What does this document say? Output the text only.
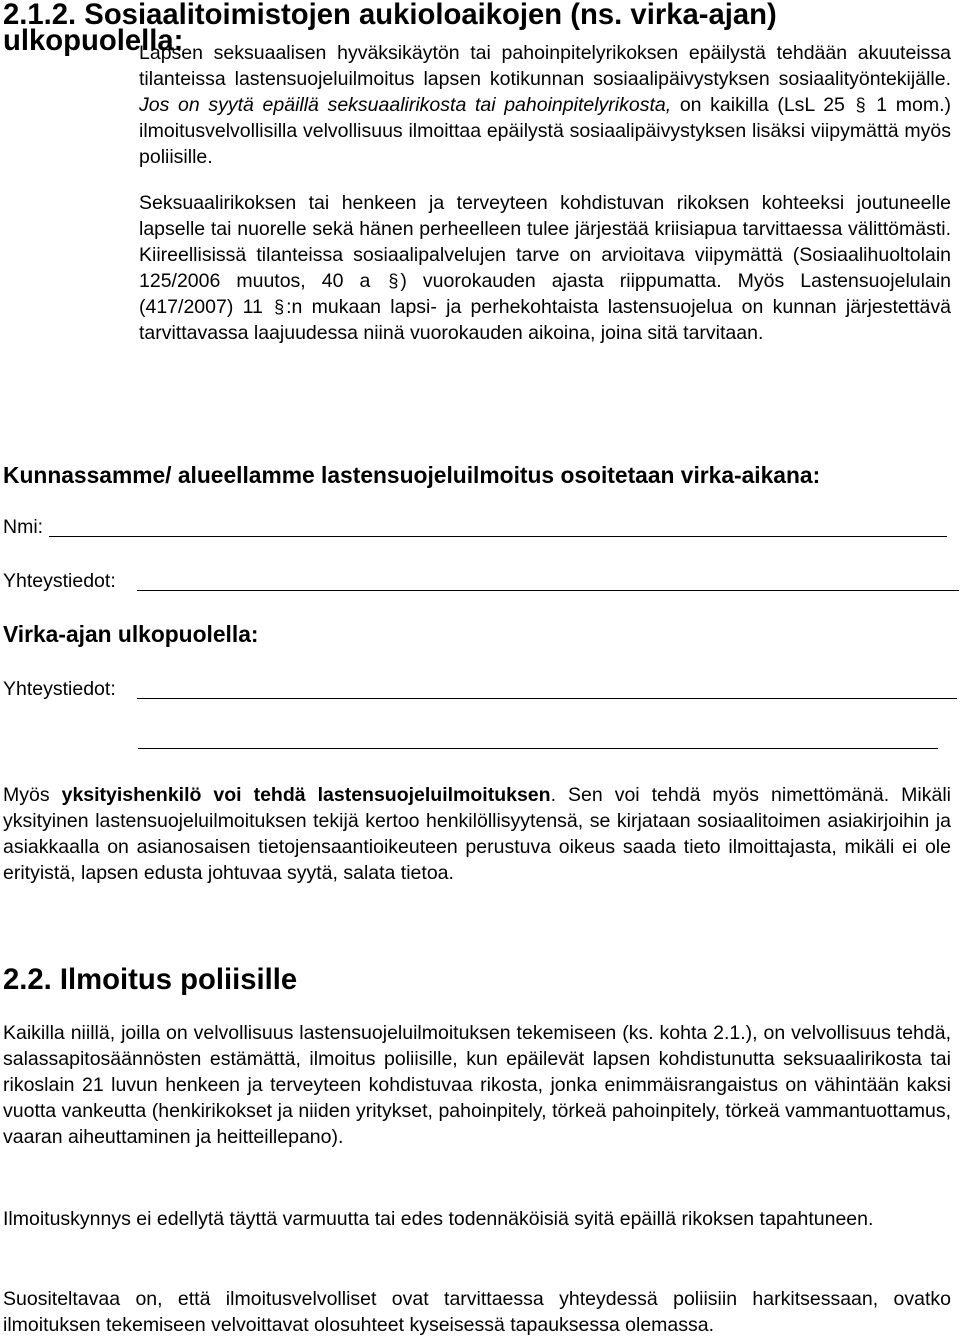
2.1.2. Sosiaalitoimistojen aukioloaikojen (ns. virka-ajan) ulkopuolella:

Lapsen seksuaalisen hyväksikäytön tai pahoinpitelyrikoksen epäilystä tehdään akuuteissa tilanteissa lastensuojeluilmoitus lapsen kotikunnan sosiaalipäivystyksen sosiaalityöntekijälle. Jos on syytä epäillä seksuaalirikosta tai pahoinpitelyrikosta, on kaikilla (LsL 25 § 1 mom.) ilmoitusvelvollisilla velvollisuus ilmoittaa epäilystä sosiaalipäivystyksen lisäksi viipymättä myös poliisille.

Seksuaalirikoksen tai henkeen ja terveyteen kohdistuvan rikoksen kohteeksi joutuneelle lapselle tai nuorelle sekä hänen perheelleen tulee järjestää kriisiapua tarvittaessa välittömästi. Kiireellisissä tilanteissa sosiaalipalvelujen tarve on arvioitava viipymättä (Sosiaalihuoltolain 125/2006 muutos, 40 a § ) vuorokauden ajasta riippumatta. Myös Lastensuojelulain (417/2007) 11 § :n mukaan lapsi- ja perhekohtaista lastensuojelua on kunnan järjestettävä tarvittavassa laajuudessa niinä vuorokauden aikoina, joina sitä tarvitaan.

Kunnassamme/ alueellamme lastensuojeluilmoitus osoitetaan virka-aikana:
Nmi:
Yhteystiedot:
Virka-ajan ulkopuolella:
Yhteystiedot:

Myös yksityishenkilö voi tehdä lastensuojeluilmoituksen. Sen voi tehdä myös nimettömänä. Mikäli yksityinen lastensuojeluilmoituksen tekijä kertoo henkilöllisyytensä, se kirjataan sosiaalitoimen asiakirjoihin ja asiakkaalla on asianosaisen tietojensaantioikeuteen perustuva oikeus saada tieto ilmoittajasta, mikäli ei ole erityistä, lapsen edusta johtuvaa syytä, salata tietoa.

2.2. Ilmoitus poliisille

Kaikilla niillä, joilla on velvollisuus lastensuojeluilmoituksen tekemiseen (ks. kohta 2.1.), on velvollisuus tehdä, salassapitosäännösten estämättä, ilmoitus poliisille, kun epäilevät lapsen kohdistunutta seksuaalirikosta tai rikoslain 21 luvun henkeen ja terveyteen kohdistuvaa rikosta, jonka enimmäisrangaistus on vähintään kaksi vuotta vankeutta (henkirikokset ja niiden yritykset, pahoinpitely, törkeä pahoinpitely, törkeä vammantuottamus, vaaran aiheuttaminen ja heitteillepano).

Ilmoituskynnys ei edellytä täyttä varmuutta tai edes todennäköisiä syitä epäillä rikoksen tapahtuneen.

Suositeltavaa on, että ilmoitusvelvolliset ovat tarvittaessa yhteydessä poliisiin harkitsessaan, ovatko ilmoituksen tekemiseen velvoittavat olosuhteet kyseisessä tapauksessa olemassa.
